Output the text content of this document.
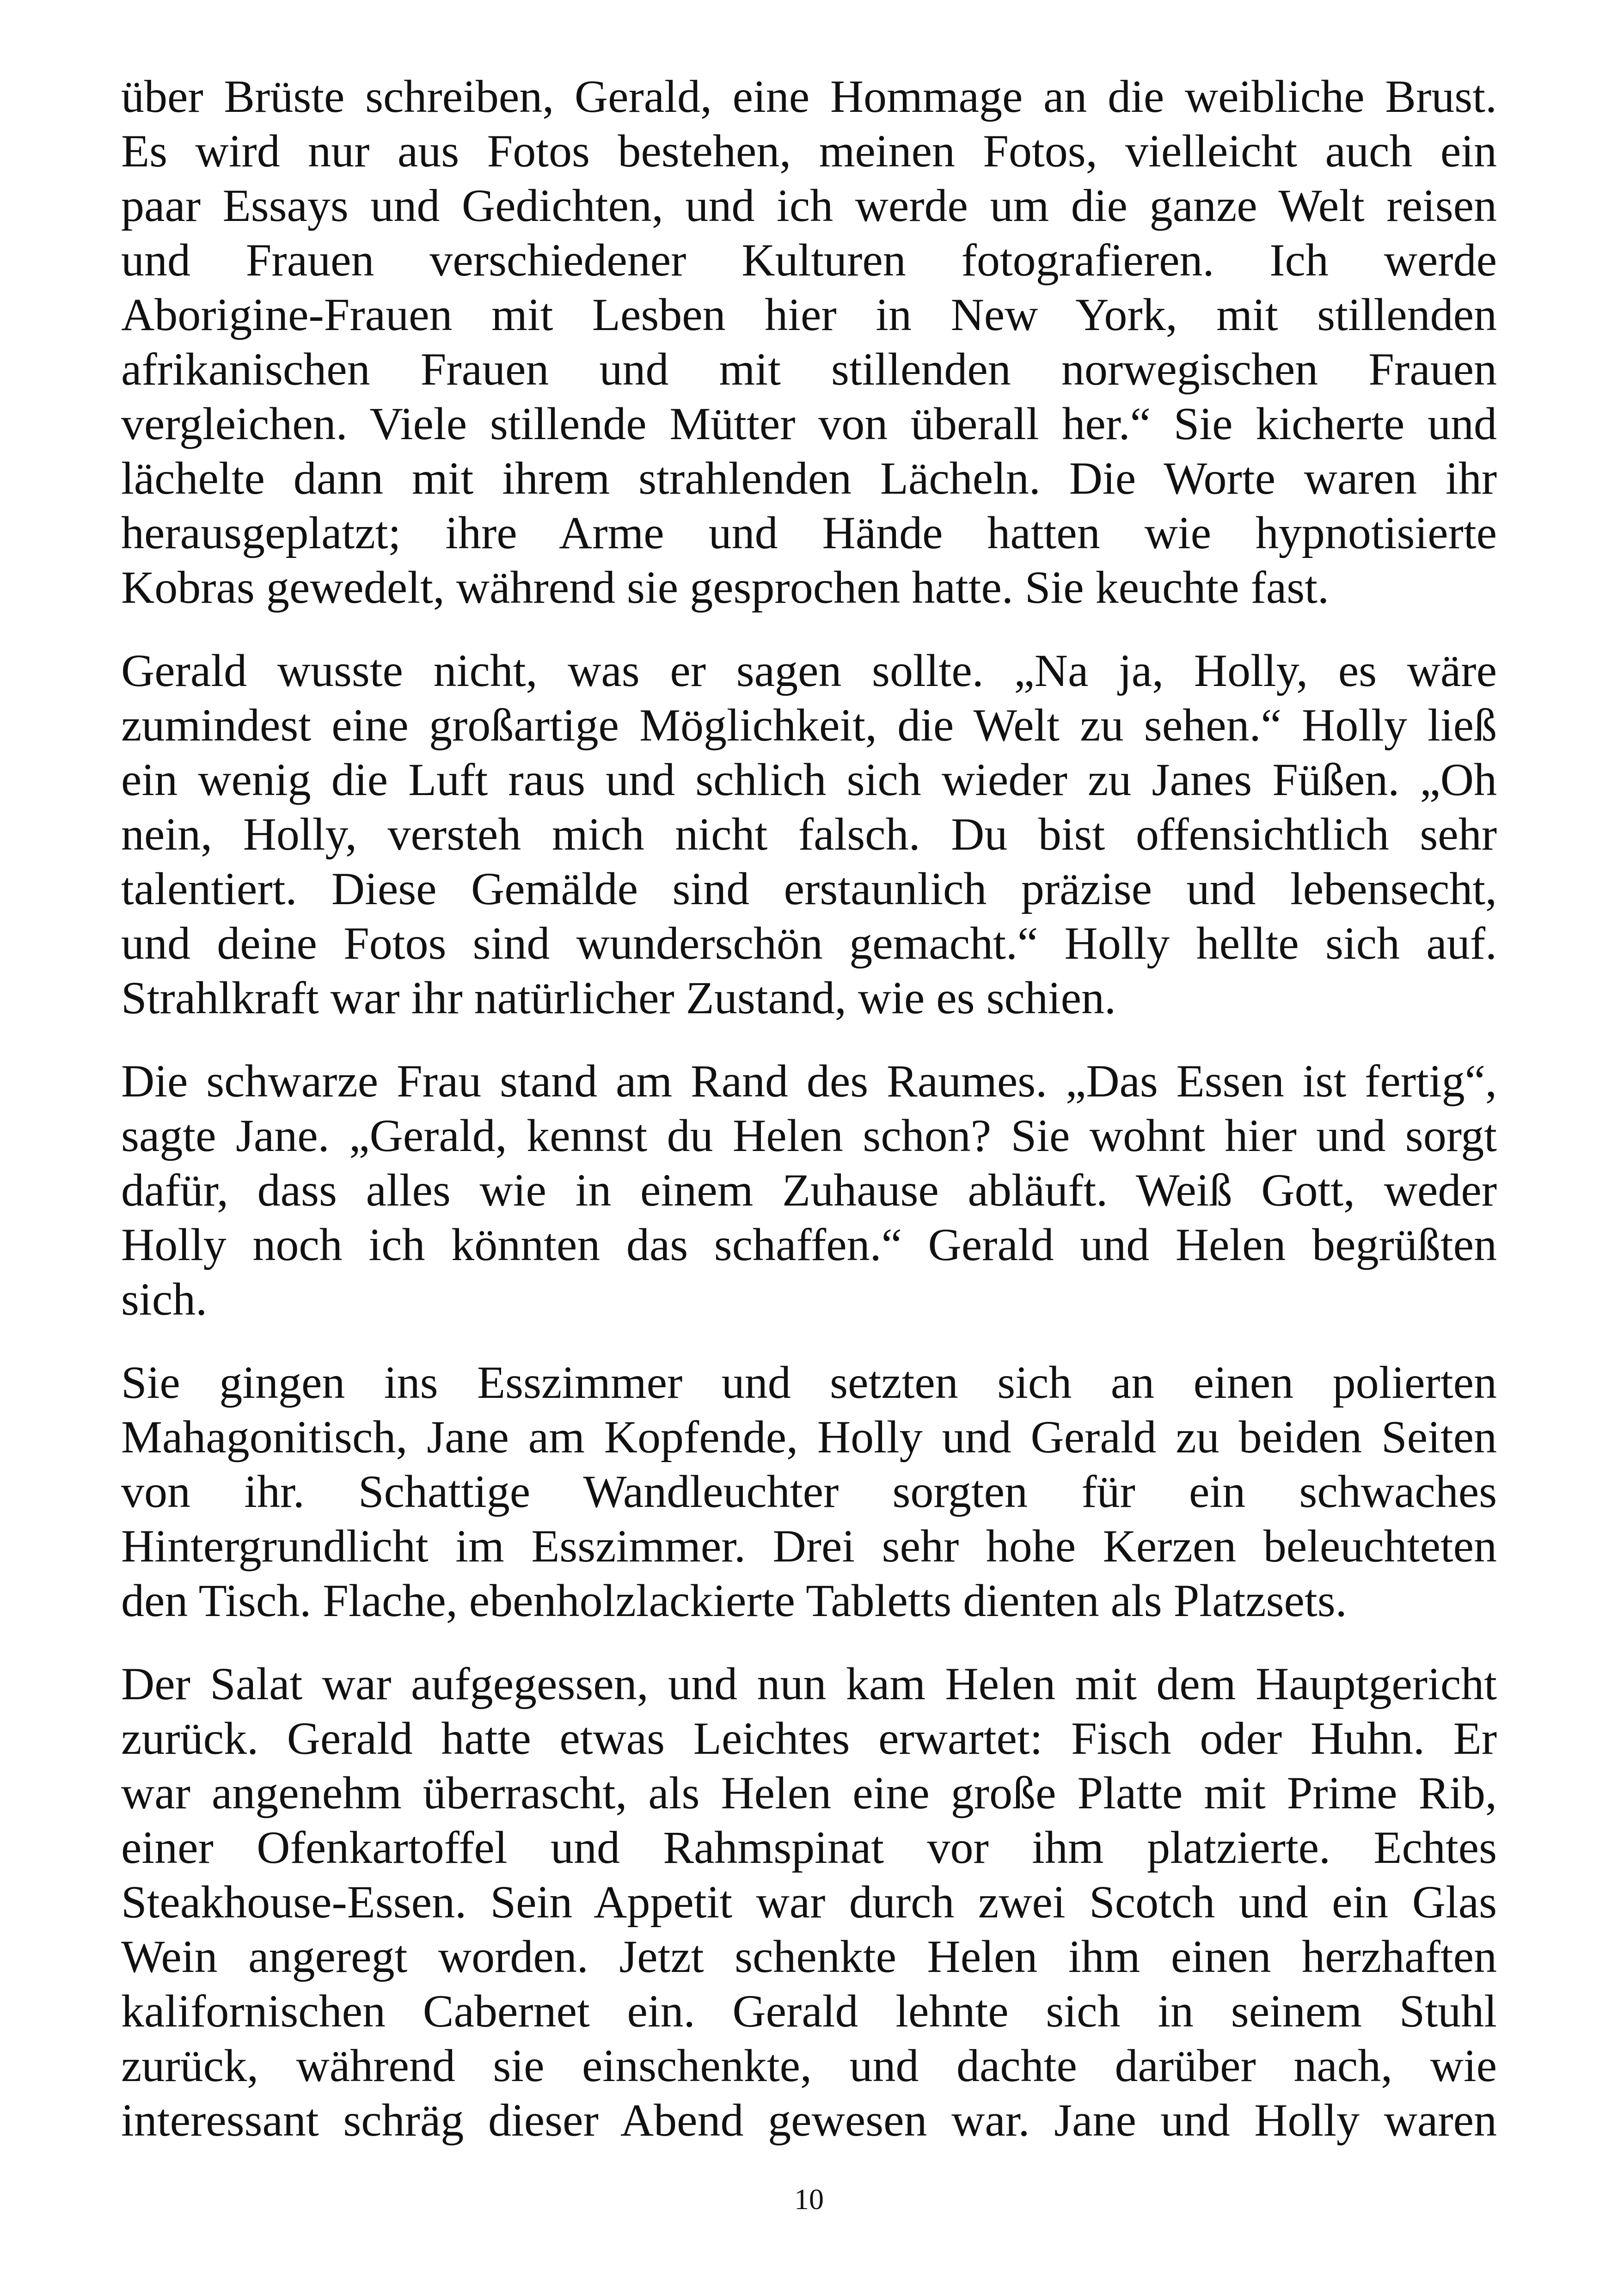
über Brüste schreiben, Gerald, eine Hommage an die weibliche Brust.
Es wird nur aus Fotos bestehen, meinen Fotos, vielleicht auch ein
paar Essays und Gedichten, und ich werde um die ganze Welt reisen
und Frauen verschiedener Kulturen fotografieren. Ich werde
Aborigine-Frauen mit Lesben hier in New York, mit stillenden
afrikanischen Frauen und mit stillenden norwegischen Frauen
vergleichen. Viele stillende Mütter von überall her.“ Sie kicherte und
lächelte dann mit ihrem strahlenden Lächeln. Die Worte waren ihr
herausgeplatzt; ihre Arme und Hände hatten wie hypnotisierte
Kobras gewedelt, während sie gesprochen hatte. Sie keuchte fast.
Gerald wusste nicht, was er sagen sollte. „Na ja, Holly, es wäre
zumindest eine großartige Möglichkeit, die Welt zu sehen.“ Holly ließ
ein wenig die Luft raus und schlich sich wieder zu Janes Füßen. „Oh
nein, Holly, versteh mich nicht falsch. Du bist offensichtlich sehr
talentiert. Diese Gemälde sind erstaunlich präzise und lebensecht,
und deine Fotos sind wunderschön gemacht.“ Holly hellte sich auf.
Strahlkraft war ihr natürlicher Zustand, wie es schien.
Die schwarze Frau stand am Rand des Raumes. „Das Essen ist fertig“,
sagte Jane. „Gerald, kennst du Helen schon? Sie wohnt hier und sorgt
dafür, dass alles wie in einem Zuhause abläuft. Weiß Gott, weder
Holly noch ich könnten das schaffen.“ Gerald und Helen begrüßten
sich.
Sie gingen ins Esszimmer und setzten sich an einen polierten
Mahagonitisch, Jane am Kopfende, Holly und Gerald zu beiden Seiten
von ihr. Schattige Wandleuchter sorgten für ein schwaches
Hintergrundlicht im Esszimmer. Drei sehr hohe Kerzen beleuchteten
den Tisch. Flache, ebenholzlackierte Tabletts dienten als Platzsets.
Der Salat war aufgegessen, und nun kam Helen mit dem Hauptgericht
zurück. Gerald hatte etwas Leichtes erwartet: Fisch oder Huhn. Er
war angenehm überrascht, als Helen eine große Platte mit Prime Rib,
einer Ofenkartoffel und Rahmspinat vor ihm platzierte. Echtes
Steakhouse-Essen. Sein Appetit war durch zwei Scotch und ein Glas
Wein angeregt worden. Jetzt schenkte Helen ihm einen herzhaften
kalifornischen Cabernet ein. Gerald lehnte sich in seinem Stuhl
zurück, während sie einschenkte, und dachte darüber nach, wie
interessant schräg dieser Abend gewesen war. Jane und Holly waren
10
